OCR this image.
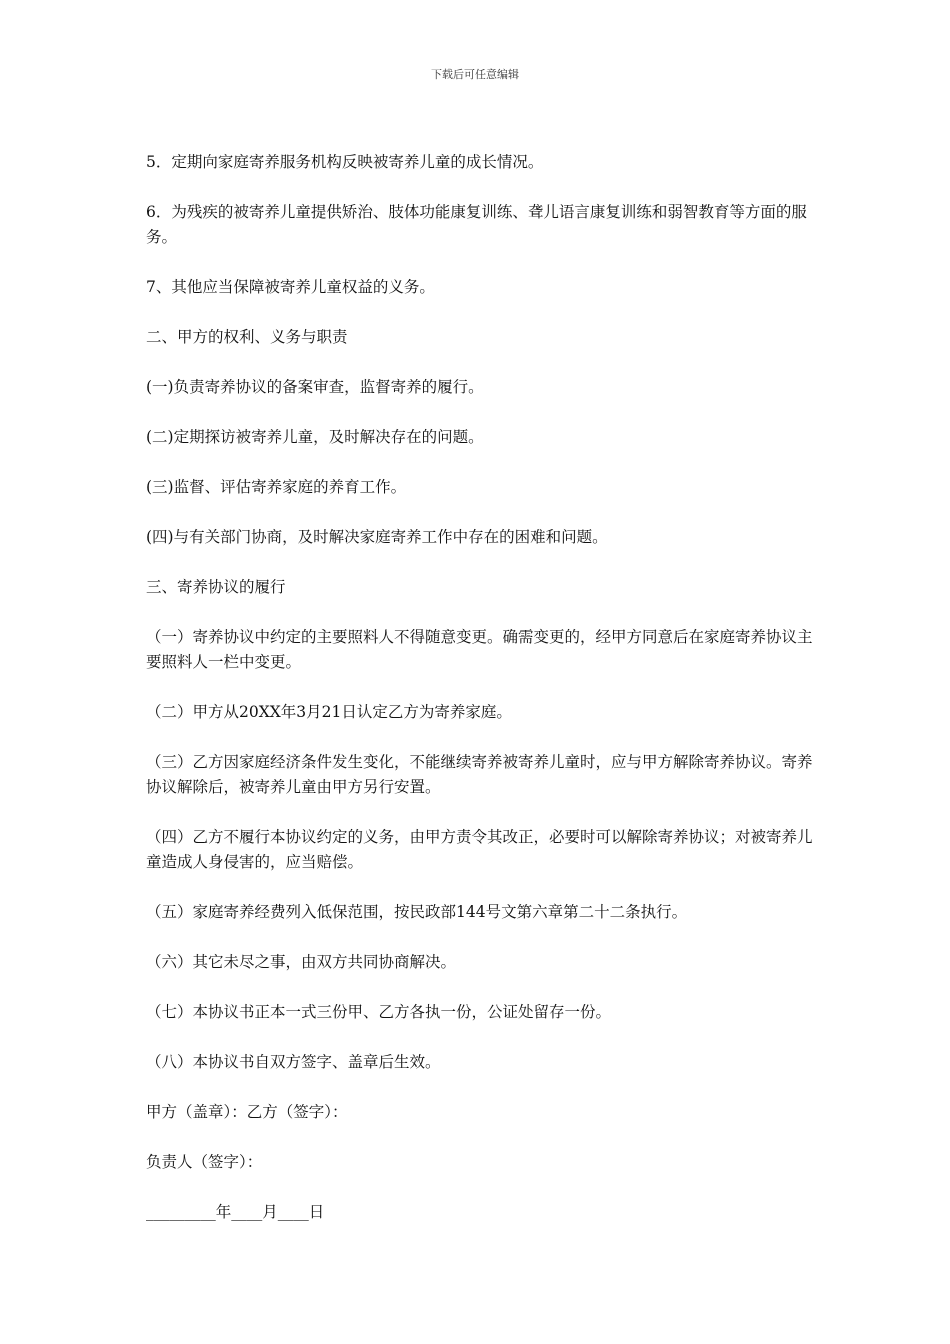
下载后可任意编辑

5．定期向家庭寄养服务机构反映被寄养儿童的成长情况。

6．为残疾的被寄养儿童提供矫治、肢体功能康复训练、聋儿语言康复训练和弱智教育等方面的服务。

7、其他应当保障被寄养儿童权益的义务。

二、甲方的权利、义务与职责

(一)负责寄养协议的备案审查，监督寄养的履行。

(二)定期探访被寄养儿童，及时解决存在的问题。

(三)监督、评估寄养家庭的养育工作。

(四)与有关部门协商，及时解决家庭寄养工作中存在的困难和问题。

三、寄养协议的履行

（一）寄养协议中约定的主要照料人不得随意变更。确需变更的，经甲方同意后在家庭寄养协议主要照料人一栏中变更。

（二）甲方从20XX年3月21日认定乙方为寄养家庭。

（三）乙方因家庭经济条件发生变化，不能继续寄养被寄养儿童时，应与甲方解除寄养协议。寄养协议解除后，被寄养儿童由甲方另行安置。

（四）乙方不履行本协议约定的义务，由甲方责令其改正，必要时可以解除寄养协议；对被寄养儿童造成人身侵害的，应当赔偿。

（五）家庭寄养经费列入低保范围，按民政部144号文第六章第二十二条执行。

（六）其它未尽之事，由双方共同协商解决。

（七）本协议书正本一式三份甲、乙方各执一份，公证处留存一份。

（八）本协议书自双方签字、盖章后生效。

甲方（盖章）：乙方（签字）：

负责人（签字）：

_________年____月____日
